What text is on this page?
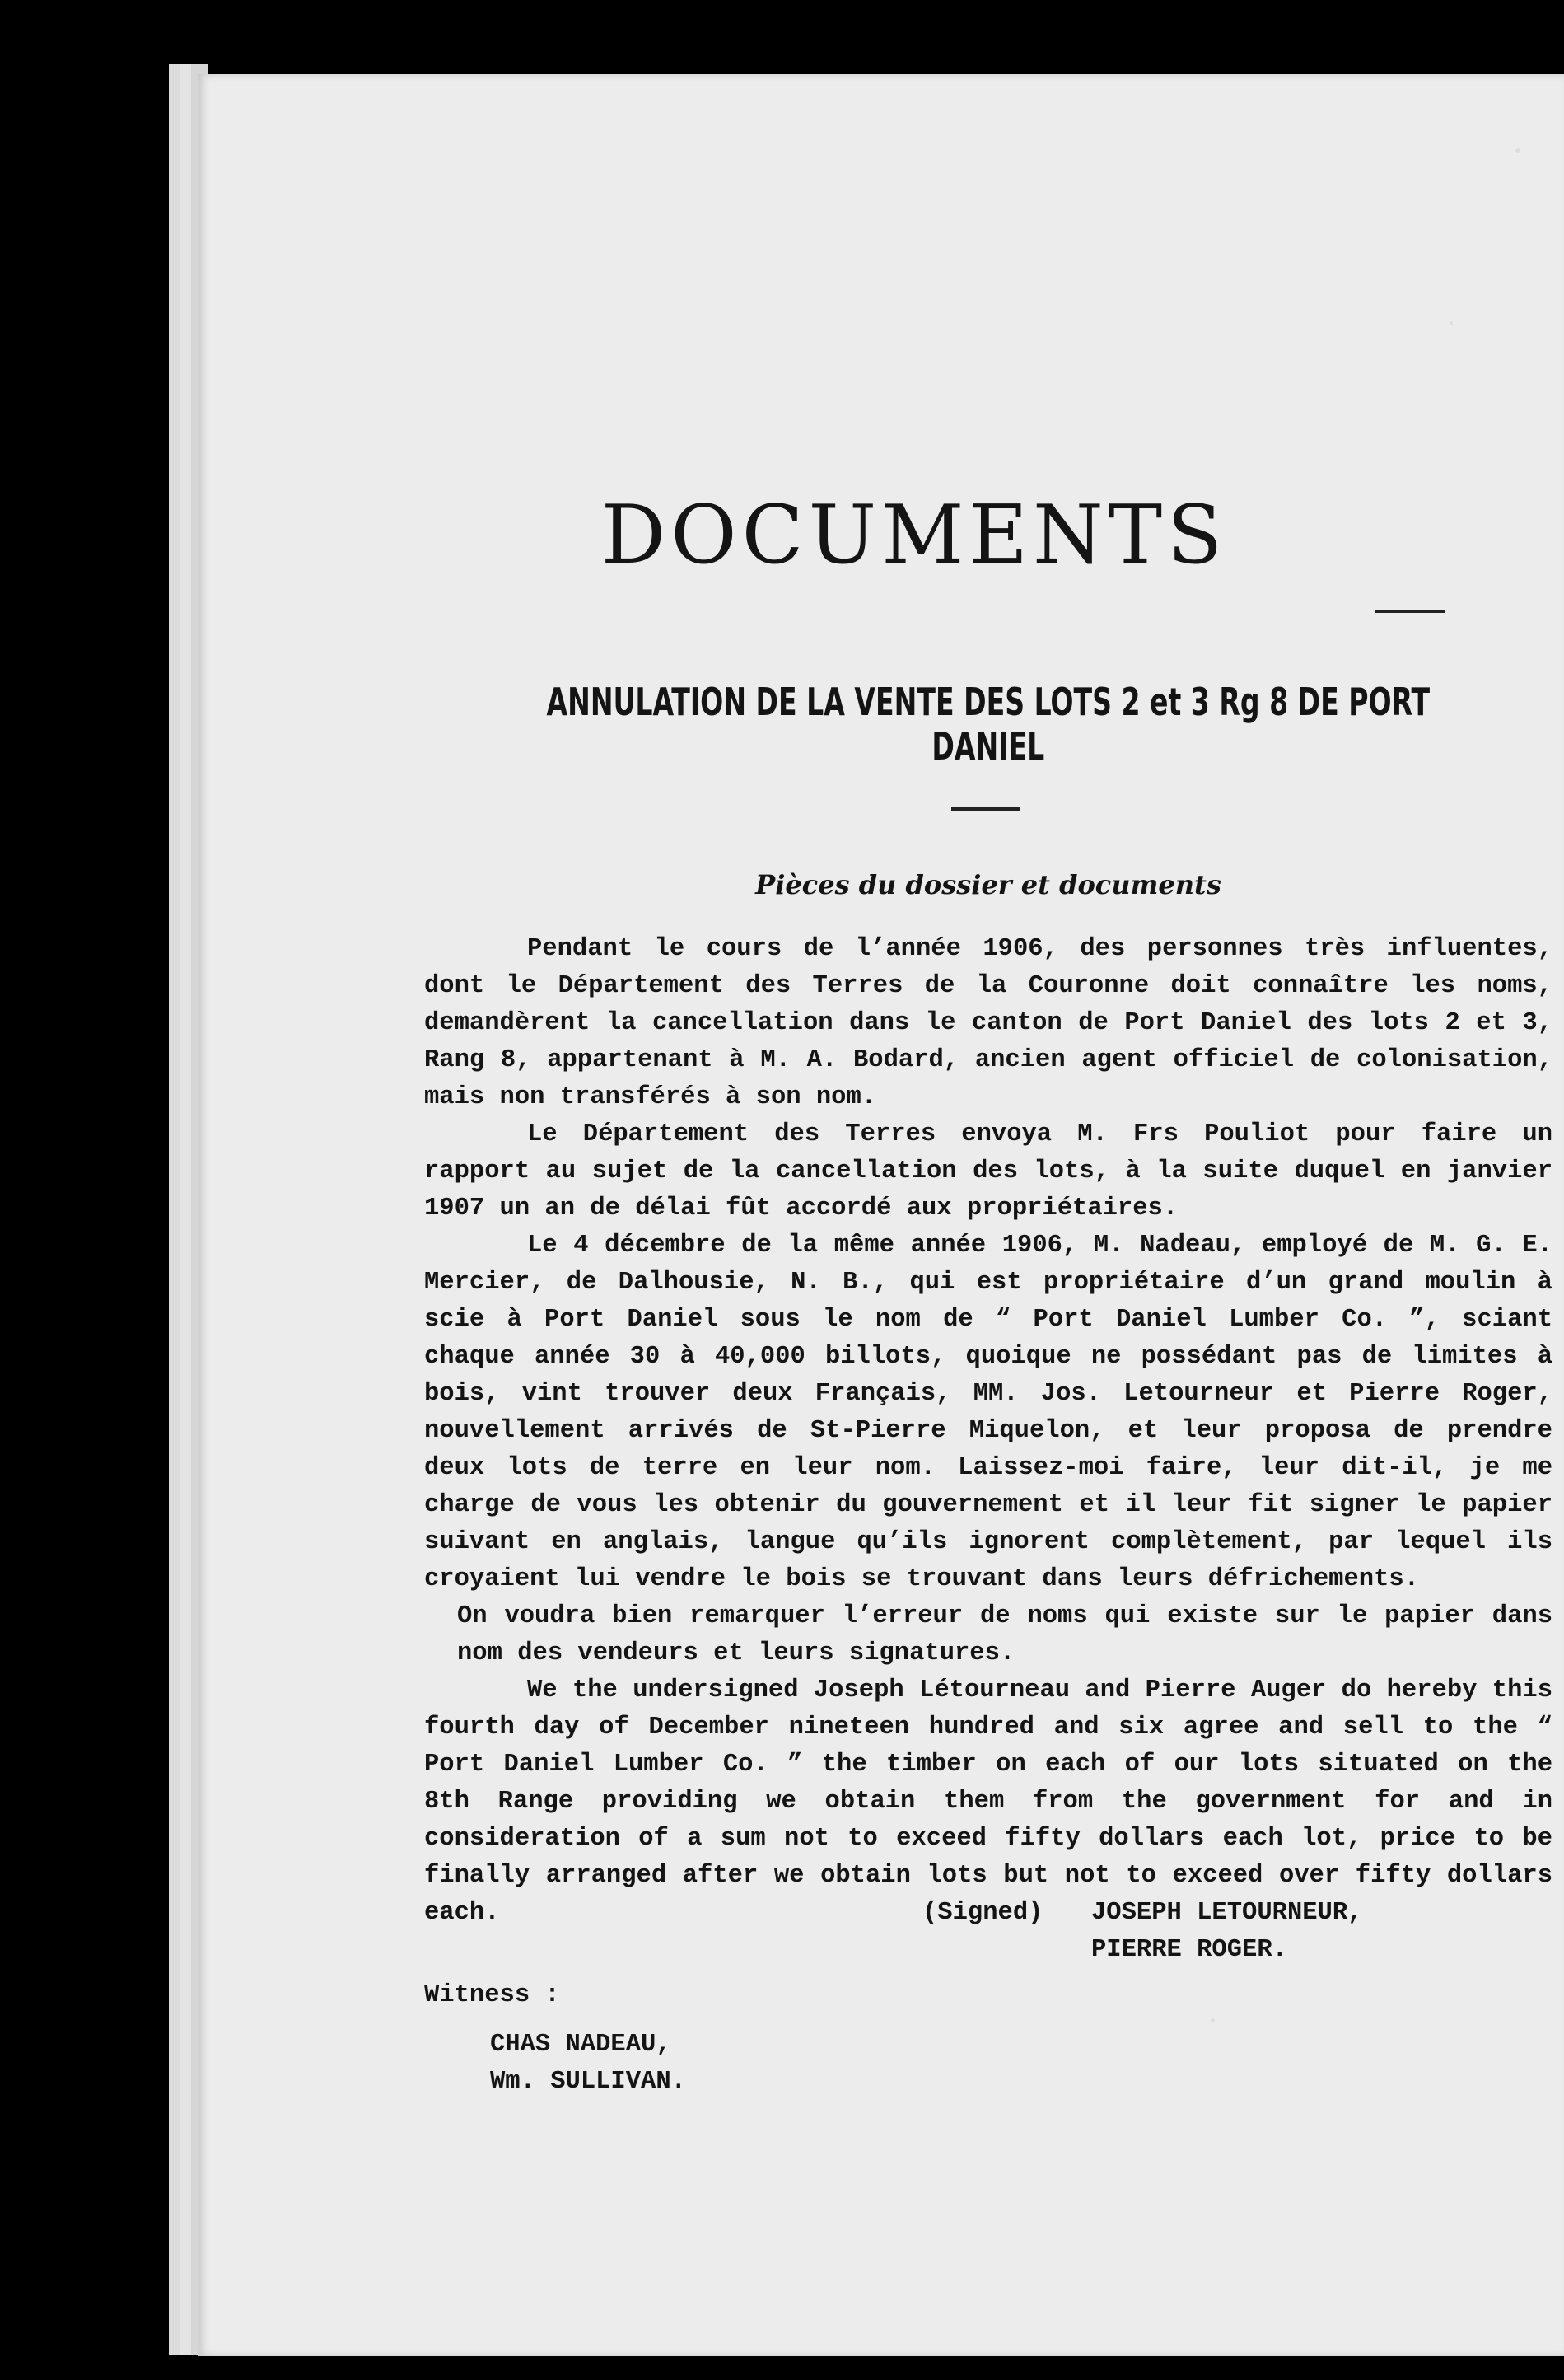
DOCUMENTS
ANNULATION DE LA VENTE DES LOTS 2 et 3 Rg 8 DE PORT
DANIEL
Pièces du dossier et documents

Pendant le cours de l’année 1906, des personnes très influentes, dont le Département des Terres de la Couronne doit connaître les noms, demandèrent la cancellation dans le canton de Port Daniel des lots 2 et 3, Rang 8, appartenant à M. A. Bodard, ancien agent officiel de colonisation, mais non transférés à son nom.

Le Département des Terres envoya M. Frs Pouliot pour faire un rapport au sujet de la cancellation des lots, à la suite duquel en janvier 1907 un an de délai fût accordé aux propriétaires.

Le 4 décembre de la même année 1906, M. Nadeau, employé de M. G. E. Mercier, de Dalhousie, N. B., qui est propriétaire d’un grand moulin à scie à Port Daniel sous le nom de “ Port Daniel Lumber Co. ”, sciant chaque année 30 à 40,000 billots, quoique ne possédant pas de limites à bois, vint trouver deux Français, MM. Jos. Letourneur et Pierre Roger, nouvellement arrivés de St-Pierre Miquelon, et leur proposa de prendre deux lots de terre en leur nom. Laissez-moi faire, leur dit-il, je me charge de vous les obtenir du gouvernement et il leur fit signer le papier suivant en anglais, langue qu’ils ignorent complètement, par lequel ils croyaient lui vendre le bois se trouvant dans leurs défrichements.

On voudra bien remarquer l’erreur de noms qui existe sur le papier dans nom des vendeurs et leurs signatures.

We the undersigned Joseph Létourneau and Pierre Auger do hereby this fourth day of December nineteen hundred and six agree and sell to the “ Port Daniel Lumber Co. ” the timber on each of our lots situated on the 8th Range providing we obtain them from the government for and in consideration of a sum not to exceed fifty dollars each lot, price to be finally arranged after we obtain lots but not to exceed over fifty dollars each.	(Signed) JOSEPH LETOURNEUR,
PIERRE ROGER.
Witness :
CHAS NADEAU,
Wm. SULLIVAN.
